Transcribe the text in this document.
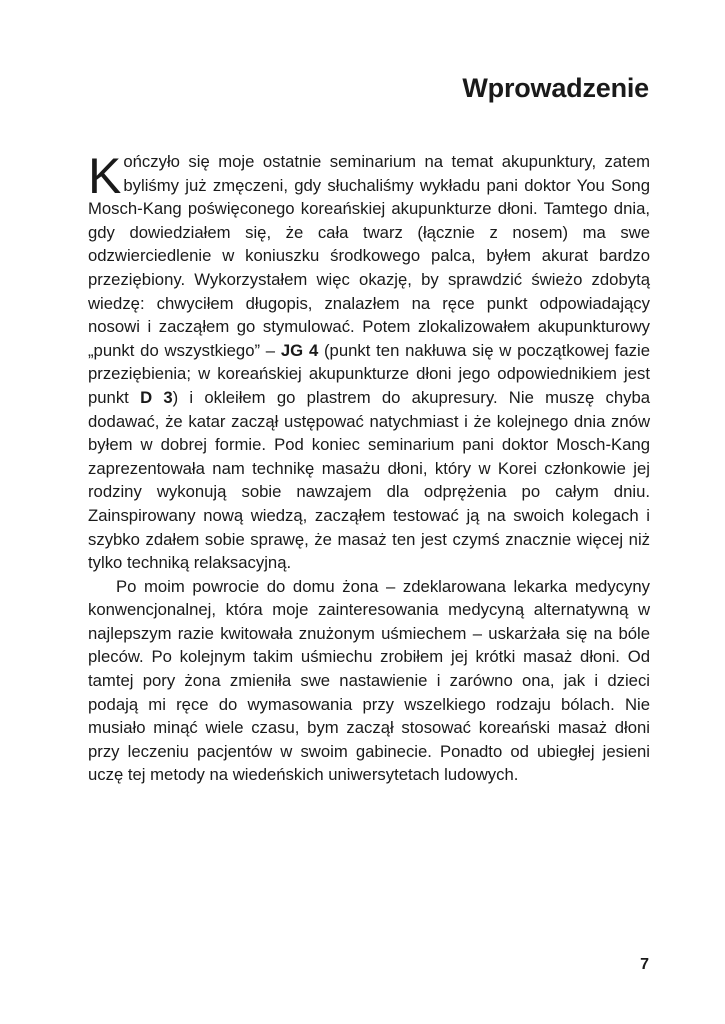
Wprowadzenie

Kończyło się moje ostatnie seminarium na temat akupunktury, zatem byliśmy już zmęczeni, gdy słuchaliśmy wykładu pani doktor You Song Mosch-Kang poświęconego koreańskiej akupunkturze dłoni. Tamtego dnia, gdy dowiedziałem się, że cała twarz (łącznie z nosem) ma swe odzwierciedlenie w koniuszku środkowego palca, byłem akurat bardzo przeziębiony. Wykorzystałem więc okazję, by sprawdzić świeżo zdobytą wiedzę: chwyciłem długopis, znalazłem na ręce punkt odpowiadający nosowi i zacząłem go stymulować. Potem zlokalizowałem akupunkturowy „punkt do wszystkiego” – JG 4 (punkt ten nakłuwa się w początkowej fazie przeziębienia; w koreańskiej akupunkturze dłoni jego odpowiednikiem jest punkt D 3) i okleiłem go plastrem do akupresury. Nie muszę chyba dodawać, że katar zaczął ustępować natychmiast i że kolejnego dnia znów byłem w dobrej formie. Pod koniec seminarium pani doktor Mosch-Kang zaprezentowała nam technikę masażu dłoni, który w Korei członkowie jej rodziny wykonują sobie nawzajem dla odprężenia po całym dniu. Zainspirowany nową wiedzą, zacząłem testować ją na swoich kolegach i szybko zdałem sobie sprawę, że masaż ten jest czymś znacznie więcej niż tylko techniką relaksacyjną.

Po moim powrocie do domu żona – zdeklarowana lekarka medycyny konwencjonalnej, która moje zainteresowania medycyną alternatywną w najlepszym razie kwitowała znużonym uśmiechem – uskarżała się na bóle pleców. Po kolejnym takim uśmiechu zrobiłem jej krótki masaż dłoni. Od tamtej pory żona zmieniła swe nastawienie i zarówno ona, jak i dzieci podają mi ręce do wymasowania przy wszelkiego rodzaju bólach. Nie musiało minąć wiele czasu, bym zaczął stosować koreański masaż dłoni przy leczeniu pacjentów w swoim gabinecie. Ponadto od ubiegłej jesieni uczę tej metody na wiedeńskich uniwersytetach ludowych.

7
